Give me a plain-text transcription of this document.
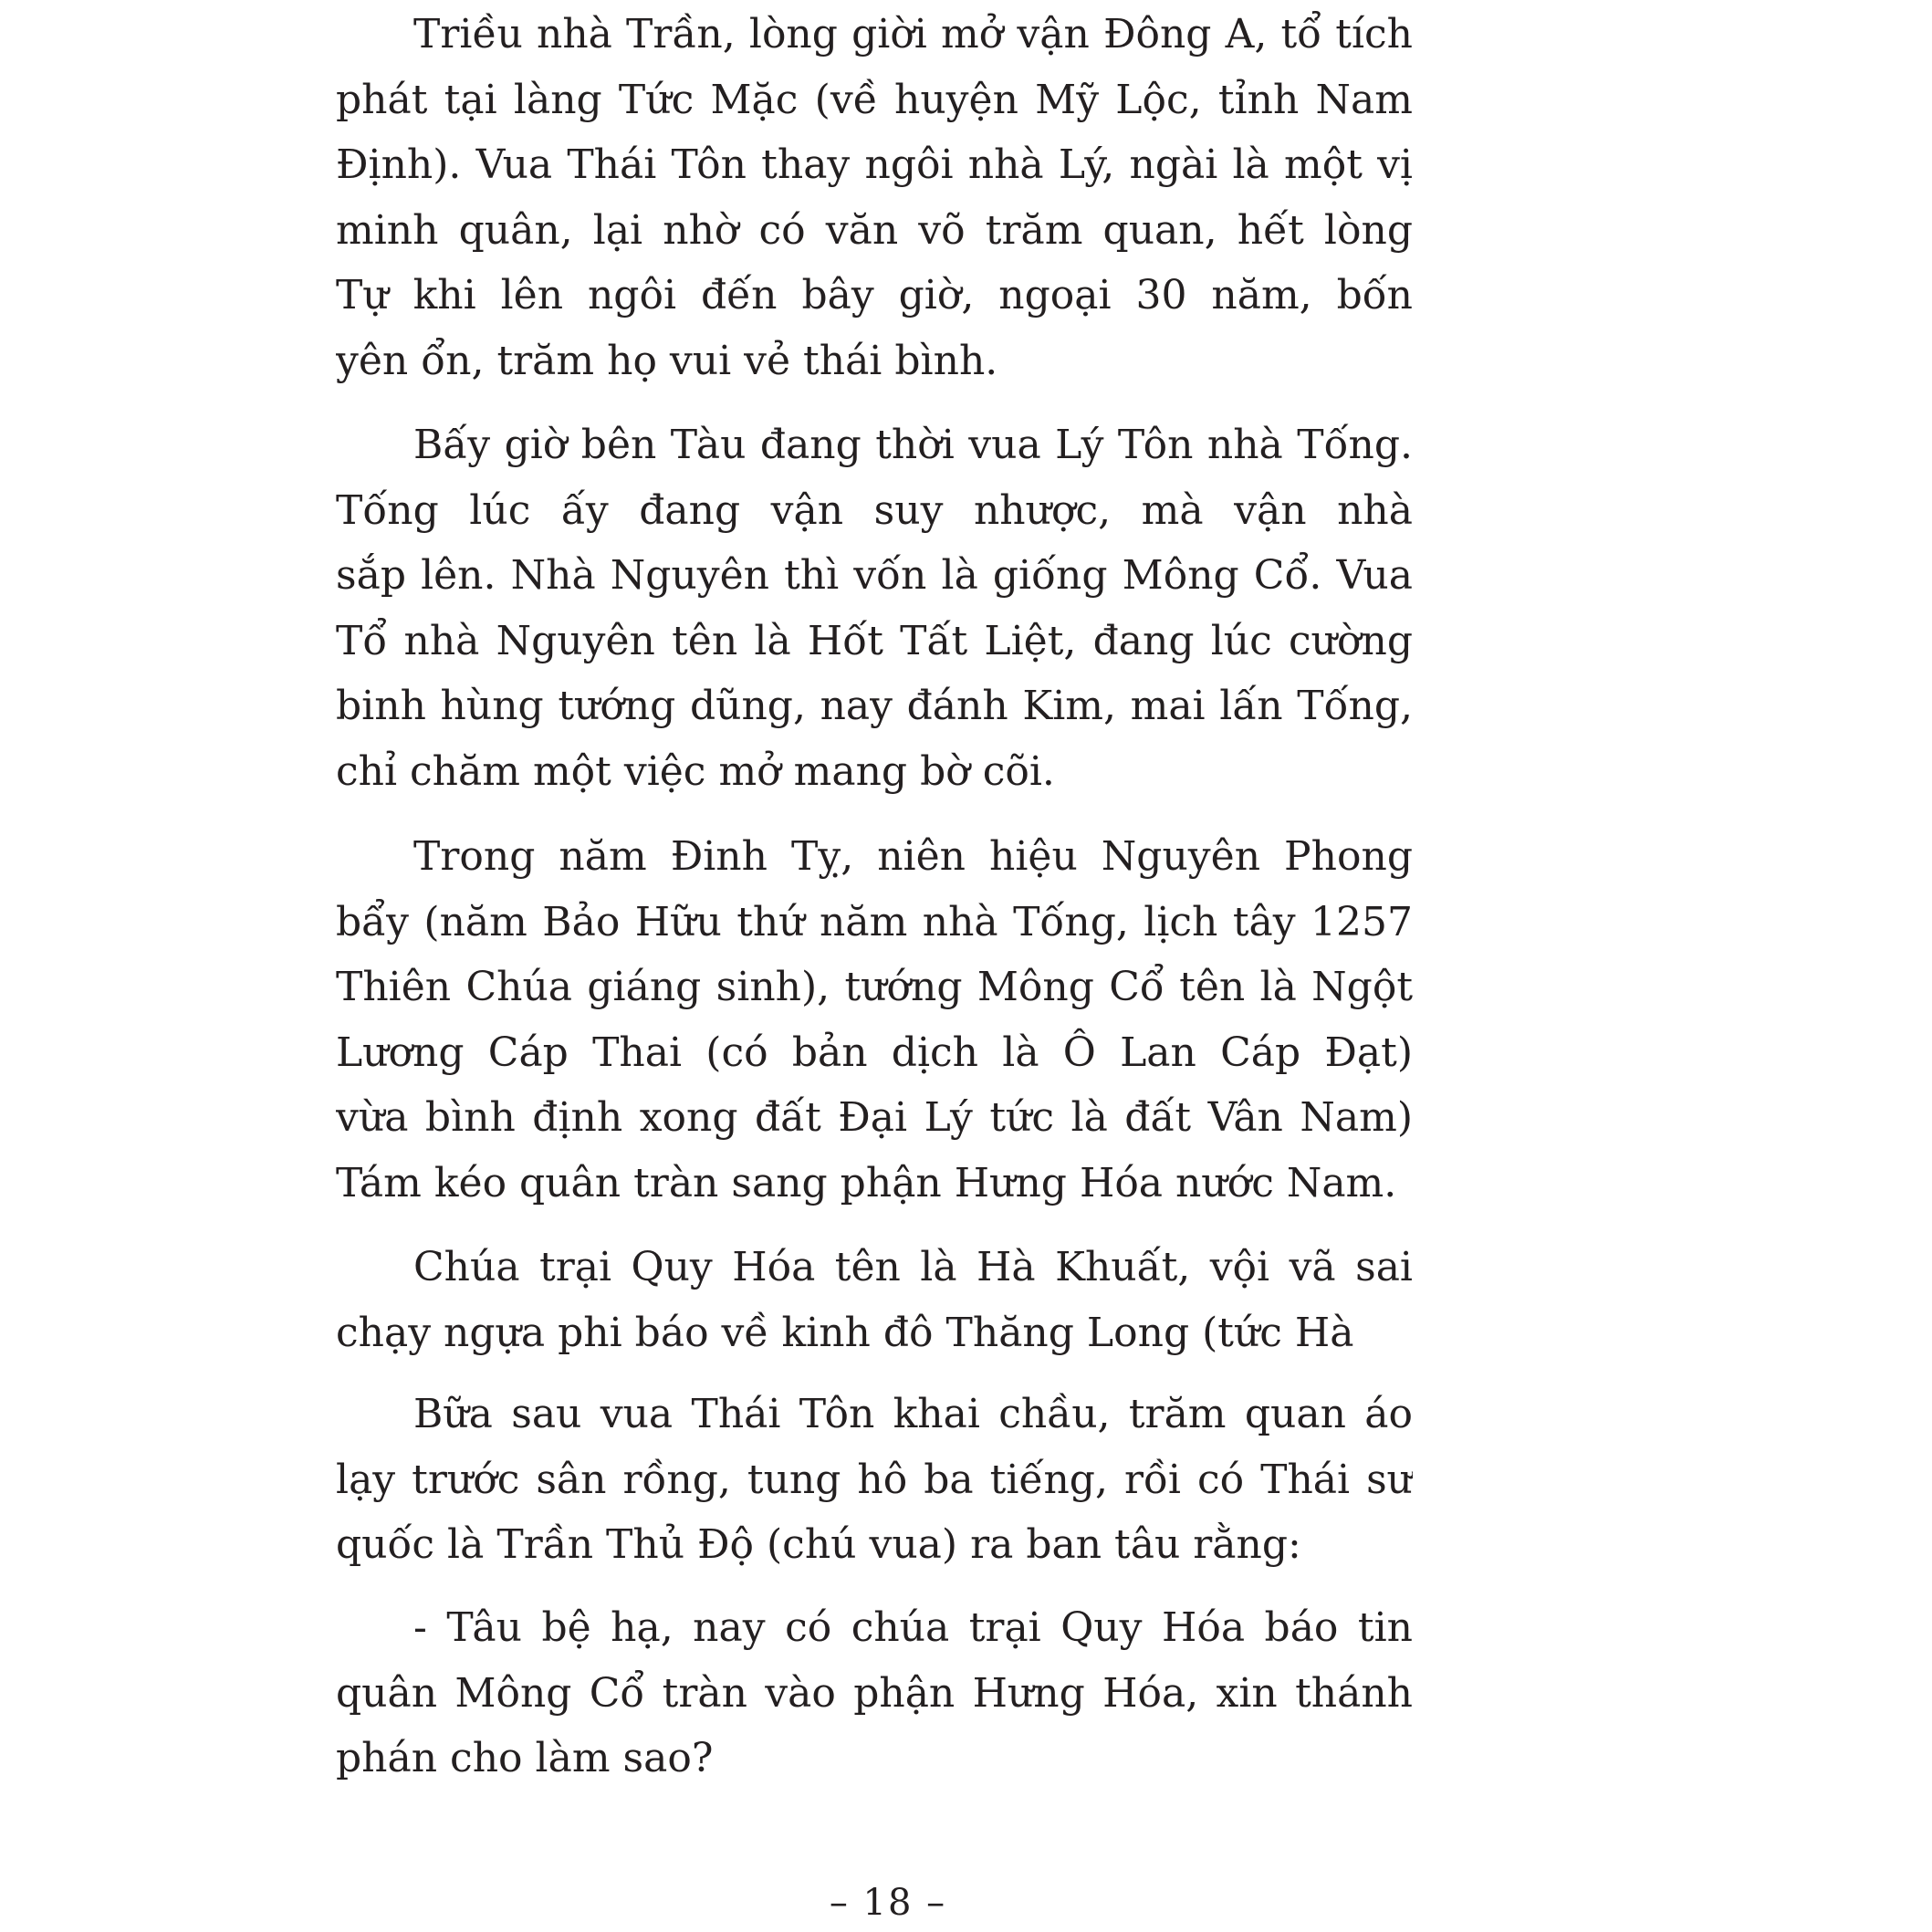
Triều nhà Trần, lòng giời mở vận Đông A, tổ tích
phát tại làng Tức Mặc (về huyện Mỹ Lộc, tỉnh Nam
Định). Vua Thái Tôn thay ngôi nhà Lý, ngài là một vị
minh quân, lại nhờ có văn võ trăm quan, hết lòng
Tự khi lên ngôi đến bây giờ, ngoại 30 năm, bốn
yên ổn, trăm họ vui vẻ thái bình.
Bấy giờ bên Tàu đang thời vua Lý Tôn nhà Tống.
Tống lúc ấy đang vận suy nhược, mà vận nhà
sắp lên. Nhà Nguyên thì vốn là giống Mông Cổ. Vua
Tổ nhà Nguyên tên là Hốt Tất Liệt, đang lúc cường
binh hùng tướng dũng, nay đánh Kim, mai lấn Tống,
chỉ chăm một việc mở mang bờ cõi.
Trong năm Đinh Tỵ, niên hiệu Nguyên Phong
bẩy (năm Bảo Hữu thứ năm nhà Tống, lịch tây 1257
Thiên Chúa giáng sinh), tướng Mông Cổ tên là Ngột
Lương Cáp Thai (có bản dịch là Ô Lan Cáp Đạt)
vừa bình định xong đất Đại Lý tức là đất Vân Nam)
Tám kéo quân tràn sang phận Hưng Hóa nước Nam.
Chúa trại Quy Hóa tên là Hà Khuất, vội vã sai
chạy ngựa phi báo về kinh đô Thăng Long (tức Hà
Bữa sau vua Thái Tôn khai chầu, trăm quan áo
lạy trước sân rồng, tung hô ba tiếng, rồi có Thái sư
quốc là Trần Thủ Độ (chú vua) ra ban tâu rằng:
- Tâu bệ hạ, nay có chúa trại Quy Hóa báo tin
quân Mông Cổ tràn vào phận Hưng Hóa, xin thánh
phán cho làm sao?
– 18 –
